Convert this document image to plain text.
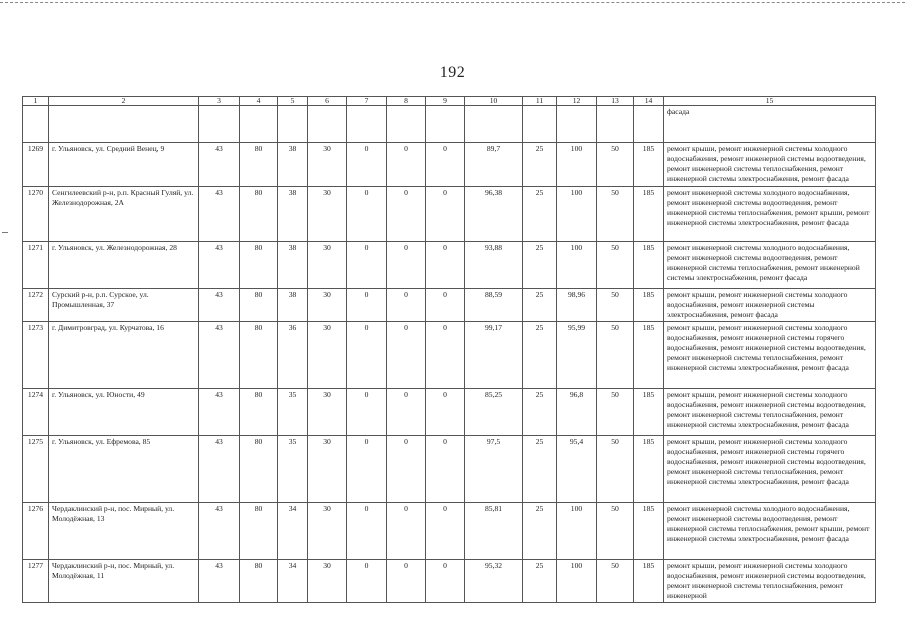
192
1	2	3	4	5	6	7	8	9	10	11	12	13	14	15
														фасада
1269	г. Ульяновск, ул. Средний Венец, 9	43	80	38	30	0	0	0	89,7	25	100	50	185	ремонт крыши, ремонт инженерной системы холодного водоснабжения, ремонт инженерной системы водоотведения, ремонт инженерной системы теплоснабжения, ремонт инженерной системы электроснабжения, ремонт фасада
1270	Сенгилеевский р-н, р.п. Красный Гуляй, ул. Железнодорожная, 2А	43	80	38	30	0	0	0	96,38	25	100	50	185	ремонт инженерной системы холодного водоснабжения, ремонт инженерной системы водоотведения, ремонт инженерной системы теплоснабжения, ремонт крыши, ремонт инженерной системы электроснабжения, ремонт фасада
1271	г. Ульяновск, ул. Железнодорожная, 28	43	80	38	30	0	0	0	93,88	25	100	50	185	ремонт инженерной системы холодного водоснабжения, ремонт инженерной системы водоотведения, ремонт инженерной системы теплоснабжения, ремонт инженерной системы электроснабжения, ремонт фасада
1272	Сурский р-н, р.п. Сурское, ул. Промышленная, 37	43	80	38	30	0	0	0	88,59	25	98,96	50	185	ремонт крыши, ремонт инженерной системы холодного водоснабжения, ремонт инженерной системы электроснабжения, ремонт фасада
1273	г. Димитровград, ул. Курчатова, 16	43	80	36	30	0	0	0	99,17	25	95,99	50	185	ремонт крыши, ремонт инженерной системы холодного водоснабжения, ремонт инженерной системы горячего водоснабжения, ремонт инженерной системы водоотведения, ремонт инженерной системы теплоснабжения, ремонт инженерной системы электроснабжения, ремонт фасада
1274	г. Ульяновск, ул. Юности, 49	43	80	35	30	0	0	0	85,25	25	96,8	50	185	ремонт крыши, ремонт инженерной системы холодного водоснабжения, ремонт инженерной системы водоотведения, ремонт инженерной системы теплоснабжения, ремонт инженерной системы электроснабжения, ремонт фасада
1275	г. Ульяновск, ул. Ефремова, 85	43	80	35	30	0	0	0	97,5	25	95,4	50	185	ремонт крыши, ремонт инженерной системы холодного водоснабжения, ремонт инженерной системы горячего водоснабжения, ремонт инженерной системы водоотведения, ремонт инженерной системы теплоснабжения, ремонт инженерной системы электроснабжения, ремонт фасада
1276	Чердаклинский р-н, пос. Мирный, ул. Молодёжная, 13	43	80	34	30	0	0	0	85,81	25	100	50	185	ремонт инженерной системы холодного водоснабжения, ремонт инженерной системы водоотведения, ремонт инженерной системы теплоснабжения, ремонт крыши, ремонт инженерной системы электроснабжения, ремонт фасада
1277	Чердаклинский р-н, пос. Мирный, ул. Молодёжная, 11	43	80	34	30	0	0	0	95,32	25	100	50	185	ремонт крыши, ремонт инженерной системы холодного водоснабжения, ремонт инженерной системы водоотведения, ремонт инженерной системы теплоснабжения, ремонт инженерной
